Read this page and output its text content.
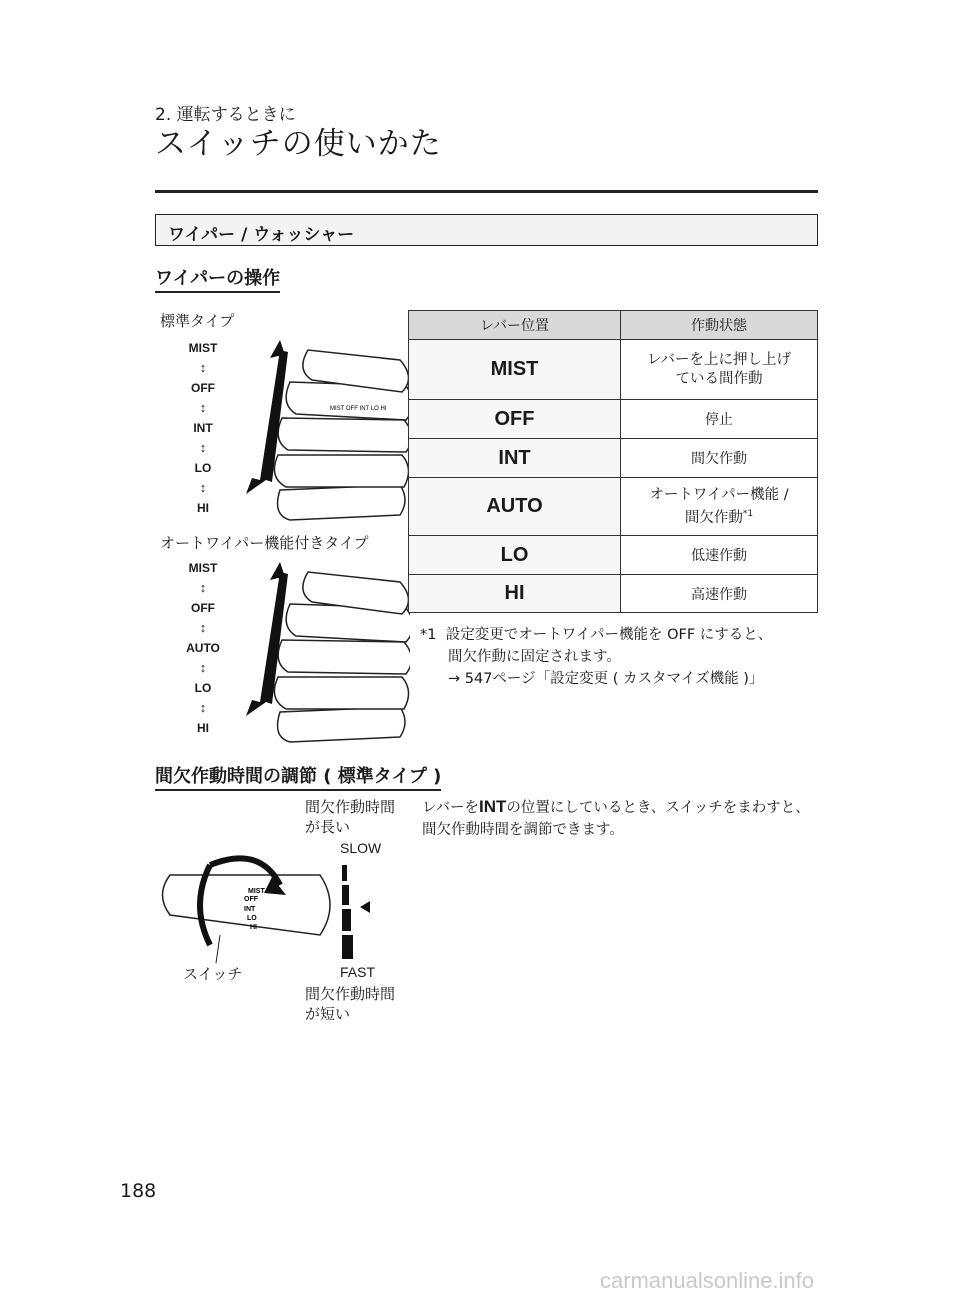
2. 運転するときに
スイッチの使いかた
ワイパー / ウォッシャー
ワイパーの操作
標準タイプ
MIST
↕
OFF
↕
INT
↕
LO
↕
HI
MIST OFF INT LO HI
オートワイパー機能付きタイプ
MIST
↕
OFF
↕
AUTO
↕
LO
↕
HI
レバー位置	作動状態
MIST	レバーを上に押し上げ
ている間作動
OFF	停止
INT	間欠作動
AUTO	オートワイパー機能 /
間欠作動$^{*1}$
LO	低速作動
HI	高速作動
*1 設定変更でオートワイパー機能を OFF にすると、
間欠作動に固定されます。
→ 547ページ「設定変更 ( カスタマイズ機能 )」
間欠作動時間の調節 ( 標準タイプ )
間欠作動時間
が長い
SLOW
MIST
OFF
INT
LO
HI
スイッチ	FAST
間欠作動時間
が短い
レバーをINTの位置にしているとき、スイッチをまわすと、間欠作動時間を調節できます。
188
carmanualsonline.info
